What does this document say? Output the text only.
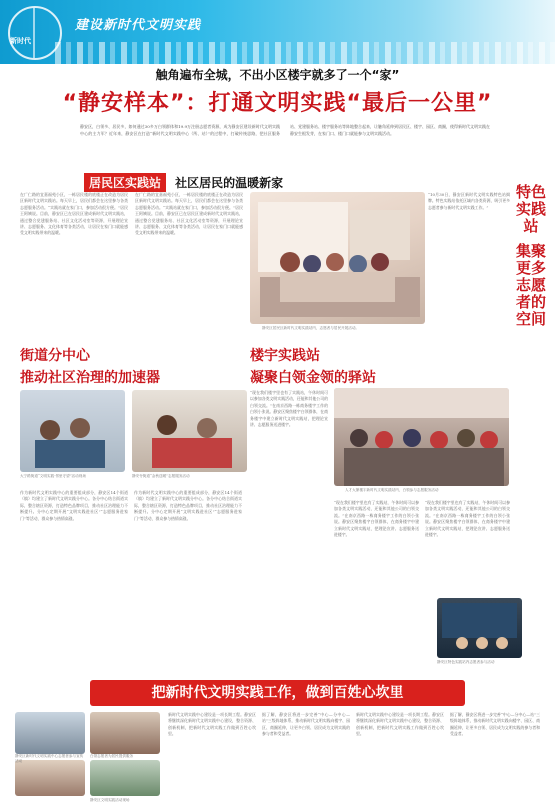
建设新时代文明实践
新时代
触角遍布全城，不出小区楼宇就多了一个“家”
“静安样本”：打通文明实践“最后一公里”
静安区，白领多、居民多，如何通过30多万白领群体和19.9万注册志愿者资源，成为静安区建设新时代文明实践中心的主力军？近年来，静安区在打造“新时代文明实践中心（所、站）”的过程中，打破传统思路，把社区服务站、党建服务站、楼宇服务站等阵地整合起来，让触角延伸到居民区、楼宇、园区、商圈，使得新时代文明实践在静安生根发芽，在家门口、楼门口就能参与文明实践活动。
居民区实践站 社区居民的温暖新家
在广仁路的宜嘉福苑小区，一栋居民楼的底楼正在改造为居民区新时代文明实践站。每天早上，居民们都会在这里参与各类志愿服务活动。“实践站就在家门口，参加活动很方便。”居民王阿姨说。目前，静安区已在居民区建成新时代文明实践站，通过整合党建服务站、社区文化活动室等资源，开展理论宣讲、志愿服务、文化体育等各类活动，让居民在家门口就能感受文明实践带来的温暖。
在广仁路的宜嘉福苑小区，一栋居民楼的底楼正在改造为居民区新时代文明实践站。每天早上，居民们都会在这里参与各类志愿服务活动。“实践站就在家门口，参加活动很方便。”居民王阿姨说。目前，静安区已在居民区建成新时代文明实践站，通过整合党建服务站、社区文化活动室等资源，开展理论宣讲、志愿服务、文化体育等各类活动，让居民在家门口就能感受文明实践带来的温暖。
静安区居民区新时代文明实践站内，志愿者与居民开展活动。
“10月30日，静安区新时代文明实践特色站揭牌。特色实践站依托区域内各类资源，吸引更多志愿者参与新时代文明实践工作。”
特色实践站
集聚更多志愿者的空间
街道分中心
推动社区治理的加速器
大宁路街道“文明实践·邻里守望”活动现场	静安寺街道“金秋送暖”志愿服务活动
作为新时代文明实践中心的重要组成部分，静安区14个街道（镇）均建立了新时代文明实践分中心。各分中心结合街道实际，整合辖区资源，打造特色品牌项目，推动社区治理能力不断提升。分中心定期开展“文明实践进社区”“志愿服务进家门”等活动，群众参与热情高涨。
作为新时代文明实践中心的重要组成部分，静安区14个街道（镇）均建立了新时代文明实践分中心。各分中心结合街道实际，整合辖区资源，打造特色品牌项目，推动社区治理能力不断提升。分中心定期开展“文明实践进社区”“志愿服务进家门”等活动，群众参与热情高涨。
楼宇实践站
凝聚白领金领的驿站
“现在我们楼宇里也有了实践站，午休时间可以参加各类文明实践活动，还能和其他公司的白领交流。”在南京西路一栋商务楼宇工作的白领小张说。静安区聚焦楼宇白领群体，在商务楼宇中建立新时代文明实践站，把理论宣讲、志愿服务送进楼宇。
人才大厦楼宇新时代文明实践站内，白领参与志愿服务活动
“现在我们楼宇里也有了实践站，午休时间可以参加各类文明实践活动，还能和其他公司的白领交流。”在南京西路一栋商务楼宇工作的白领小张说。静安区聚焦楼宇白领群体，在商务楼宇中建立新时代文明实践站，把理论宣讲、志愿服务送进楼宇。
“现在我们楼宇里也有了实践站，午休时间可以参加各类文明实践活动，还能和其他公司的白领交流。”在南京西路一栋商务楼宇工作的白领小张说。静安区聚焦楼宇白领群体，在商务楼宇中建立新时代文明实践站，把理论宣讲、志愿服务送进楼宇。
静安区特色实践站内志愿者参与活动
把新时代文明实践工作，做到百姓心坎里
静安区新时代文明实践中心志愿者参与宣传活动
白领志愿者为居民提供服务
静安区文明实践活动现场
新时代文明实践中心建设是一项长期工程。静安区将继续深化新时代文明实践中心建设，整合资源、创新机制，把新时代文明实践工作做到百姓心坎里。
据了解，静安区将进一步完善“中心—分中心—站”三级阵地体系，推动新时代文明实践向楼宇、园区、商圈延伸，让更多白领、居民成为文明实践的参与者和受益者。
新时代文明实践中心建设是一项长期工程。静安区将继续深化新时代文明实践中心建设，整合资源、创新机制，把新时代文明实践工作做到百姓心坎里。
据了解，静安区将进一步完善“中心—分中心—站”三级阵地体系，推动新时代文明实践向楼宇、园区、商圈延伸，让更多白领、居民成为文明实践的参与者和受益者。
